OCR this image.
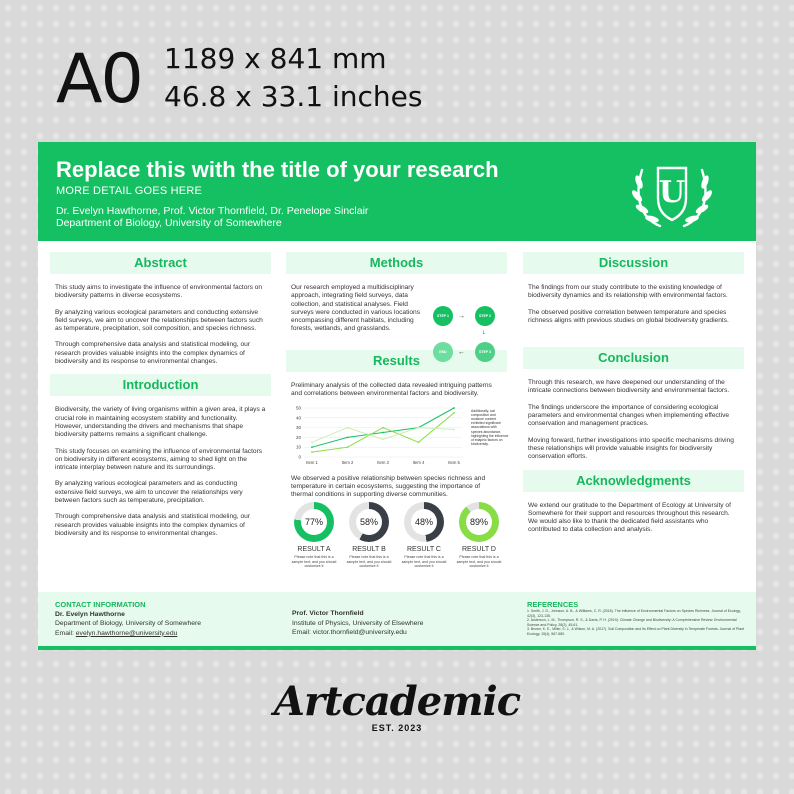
A0 1189 x 841 mm
46.8 x 33.1 inches
Replace this with the title of your research
MORE DETAIL GOES HERE
Dr. Evelyn Hawthorne, Prof. Victor Thornfield, Dr. Penelope Sinclair
Department of Biology, University of Somewhere
U
Abstract

This study aims to investigate the influence of environmental factors on biodiversity patterns in diverse ecosystems.

By analyzing various ecological parameters and conducting extensive field surveys, we aim to uncover the relationships between factors such as temperature, precipitation, soil composition, and species richness.

Through comprehensive data analysis and statistical modeling, our research provides valuable insights into the complex dynamics of biodiversity and its response to environmental changes.

Introduction

Biodiversity, the variety of living organisms within a given area, it plays a crucial role in maintaining ecosystem stability and functionality. However, understanding the drivers and mechanisms that shape biodiversity patterns remains a significant challenge.

This study focuses on examining the influence of environmental factors on biodiversity in different ecosystems, aiming to shed light on the intricate interplay between nature and its surroundings.

By analyzing various ecological parameters and as conducting extensive field surveys, we aim to uncover the relationships very between factors such as temperature, precipitation.

Through comprehensive data analysis and statistical modeling, our research provides valuable insights into the complex dynamics of biodiversity and its response to environmental changes.

Methods
Our research employed a multidisciplinary approach, integrating field surveys, data collection, and statistical analyses. Field surveys were conducted in various locations encompassing different habitats, including forests, wetlands, and grasslands.
STEP 1	→	STEP 2
↓
STEP 3
←
END
Results
Preliminary analysis of the collected data revealed intriguing patterns and correlations between environmental factors and biodiversity.
50
40
30
20
10
0
Item 1	Item 2	Item 3	Item 4	Item 5
Additionally, soil composition and moisture content exhibited significant associations with species abundance, highlighting the influence of edaphic factors on biodiversity.
We observed a positive relationship between species richness and temperature in certain ecosystems, suggesting the importance of thermal conditions in supporting diverse communities.
77%
RESULT A
Please note that this is a sample text, and you should customize it
58%
RESULT B
Please note that this is a sample text, and you should customize it
48%
RESULT C
Please note that this is a sample text, and you should customize it
89%
RESULT D
Please note that this is a sample text, and you should customize it
Discussion

The findings from our study contribute to the existing knowledge of biodiversity dynamics and its relationship with environmental factors.

The observed positive correlation between temperature and species richness aligns with previous studies on global biodiversity gradients.

Conclusion

Through this research, we have deepened our understanding of the intricate connections between biodiversity and environmental factors.

The findings underscore the importance of considering ecological parameters and environmental changes when implementing effective conservation and management practices.

Moving forward, further investigations into specific mechanisms driving these relationships will provide valuable insights for biodiversity conservation efforts.

Acknowledgments
We extend our gratitude to the Department of Ecology at University of Somewhere for their support and resources throughout this research. We would also like to thank the dedicated field assistants who contributed to data collection and analysis.
CONTACT INFORMATION
Dr. Evelyn Hawthorne
Department of Biology, University of Somewhere
Email: evelyn.hawthorne@university.edu
Prof. Victor Thornfield
Institute of Physics, University of Elsewhere
Email: victor.thornfield@university.edu
REFERENCES
1. Smith, J. D., Johnson, A. B., & Williams, C. R. (2018). The Influence of Environmental Factors on Species Richness. Journal of Ecology, 42(3), 123-135.
2. Anderson, L. M., Thompson, R. S., & Davis, P. H. (2019). Climate Change and Biodiversity: A Comprehensive Review. Environmental Science and Policy, 28(2), 45-61.
3. Brown, K. E., Miller, S. J., & Wilson, M. A. (2017). Soil Composition and Its Effect on Plant Diversity in Temperate Forests. Journal of Plant Ecology, 15(4), 567-580.
Artcademic
EST. 2023
